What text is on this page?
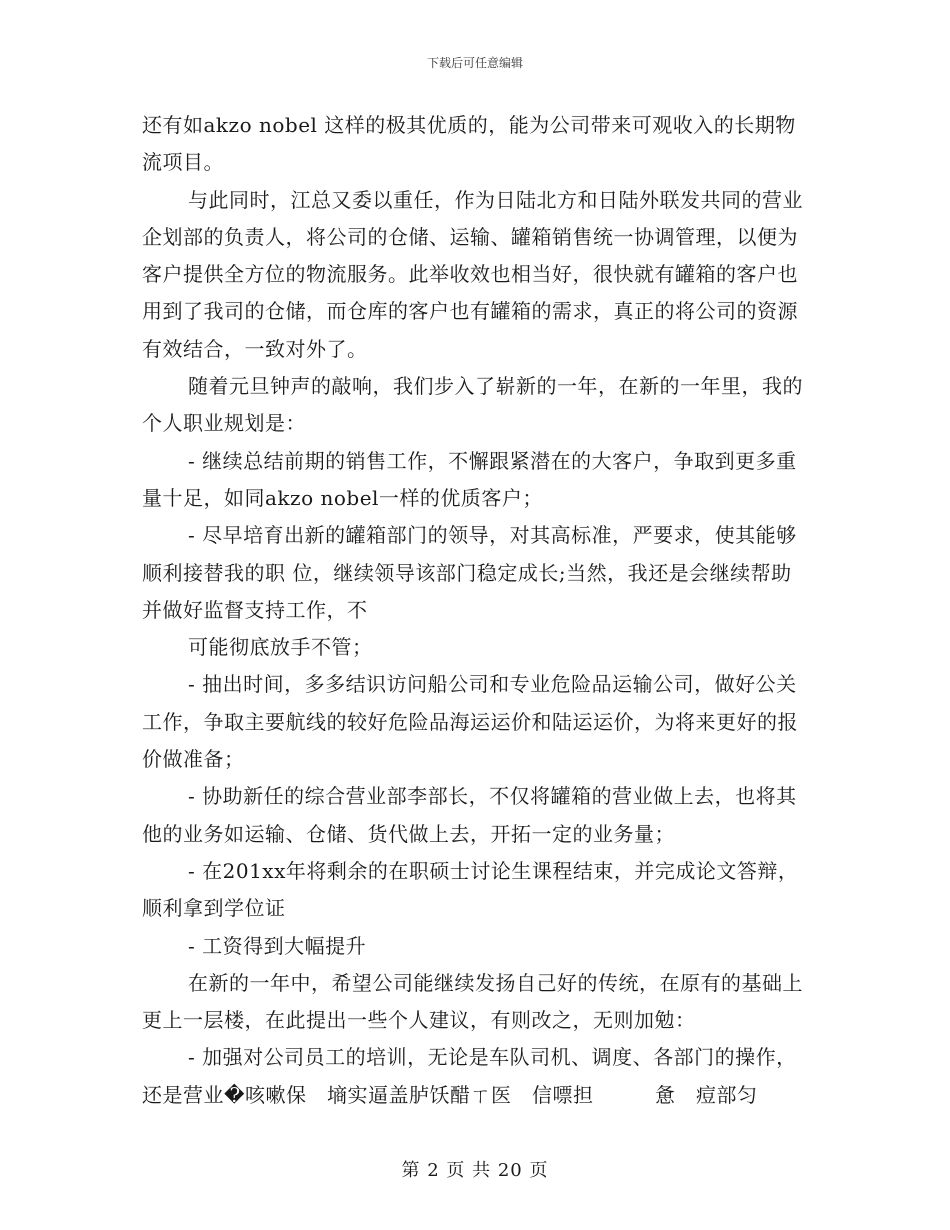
下载后可任意编辑

还有如akzo nobel 这样的极其优质的，能为公司带来可观收入的长期物流项目。

与此同时，江总又委以重任，作为日陆北方和日陆外联发共同的营业企划部的负责人，将公司的仓储、运输、罐箱销售统一协调管理，以便为客户提供全方位的物流服务。此举收效也相当好，很快就有罐箱的客户也用到了我司的仓储，而仓库的客户也有罐箱的需求，真正的将公司的资源有效结合，一致对外了。

随着元旦钟声的敲响，我们步入了崭新的一年，在新的一年里，我的个人职业规划是：

- 继续总结前期的销售工作，不懈跟紧潜在的大客户，争取到更多重量十足，如同akzo nobel一样的优质客户；

- 尽早培育出新的罐箱部门的领导，对其高标准，严要求，使其能够顺利接替我的职 位，继续领导该部门稳定成长;当然，我还是会继续帮助并做好监督支持工作，不

可能彻底放手不管；

- 抽出时间，多多结识访问船公司和专业危险品运输公司，做好公关工作，争取主要航线的较好危险品海运运价和陆运运价，为将来更好的报价做准备；

- 协助新任的综合营业部李部长，不仅将罐箱的营业做上去，也将其他的业务如运输、仓储、货代做上去，开拓一定的业务量；

- 在201xx年将剩余的在职硕士讨论生课程结束，并完成论文答辩，顺利拿到学位证

- 工资得到大幅提升

在新的一年中，希望公司能继续发扬自己好的传统，在原有的基础上更上一层楼，在此提出一些个人建议，有则改之，无则加勉：

- 加强对公司员工的培训，无论是车队司机、调度、各部门的操作，还是营业�咳嗽保　墒实逼盖胪饫醋ㄒ医　信嘌担　　　惫　痘部匀

第 2 页 共 20 页
